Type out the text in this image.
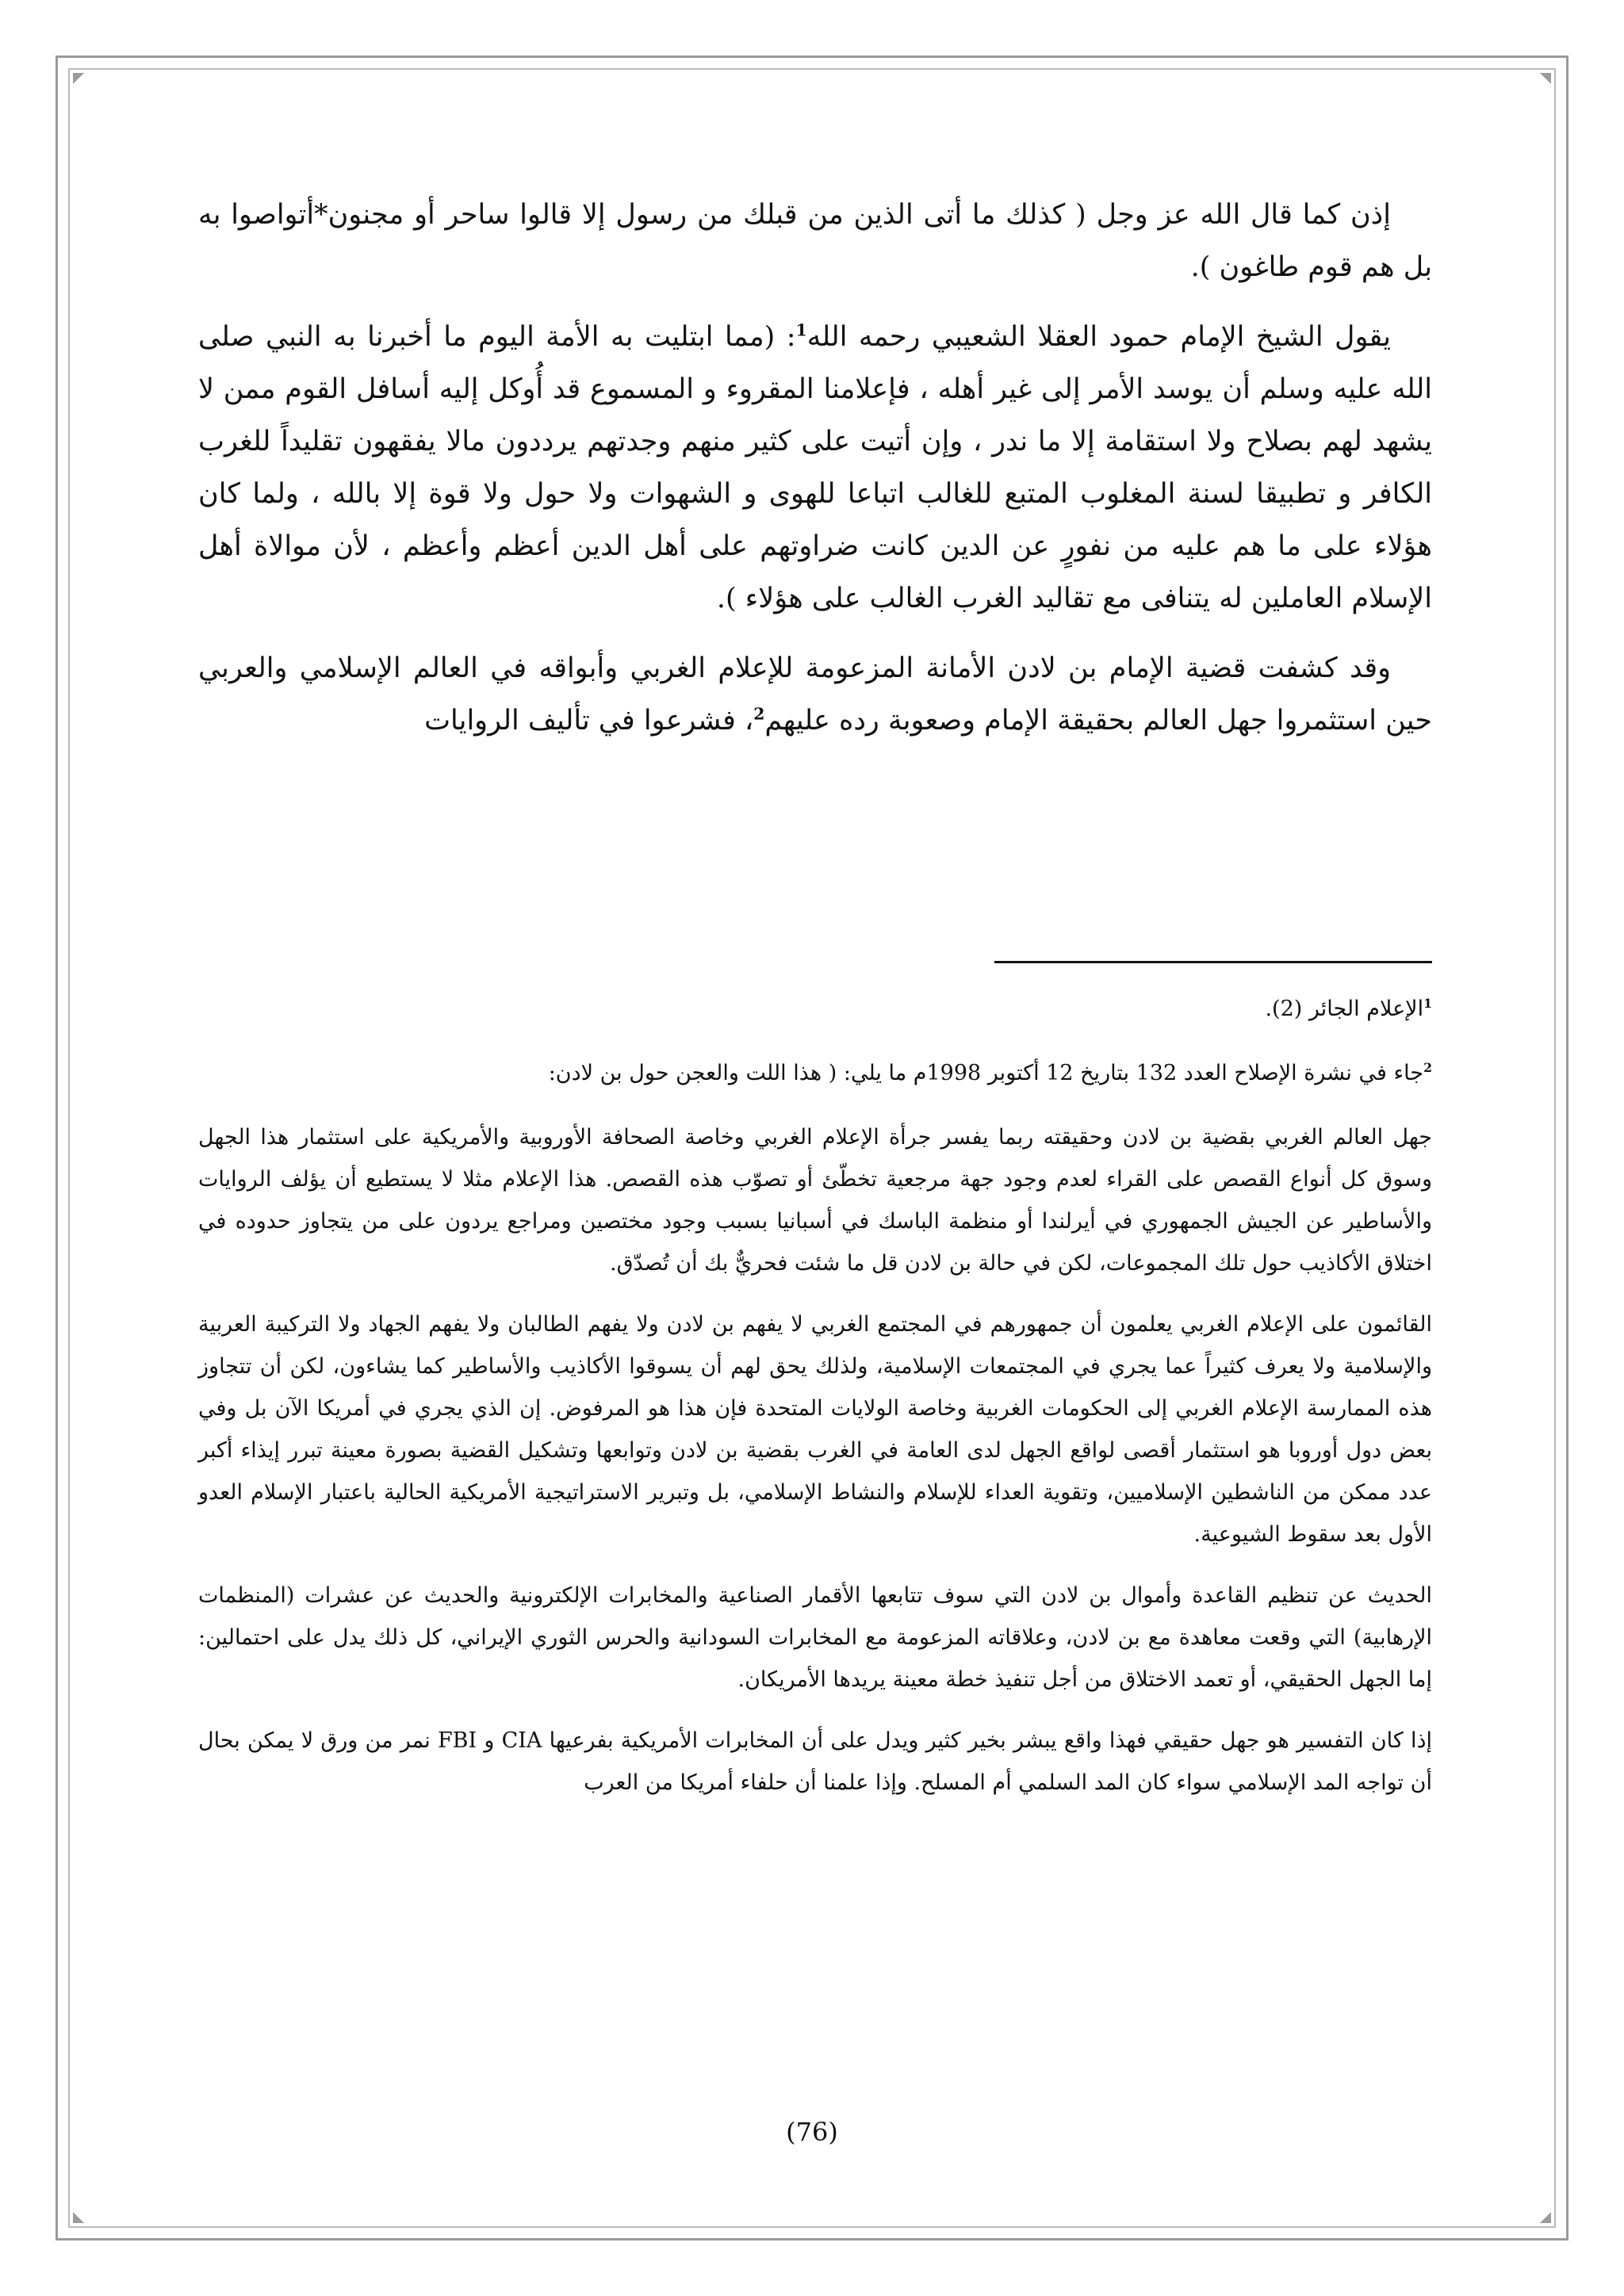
إذن كما قال الله عز وجل ( كذلك ما أتى الذين من قبلك من رسول إلا قالوا ساحر أو مجنون*أتواصوا به بل هم قوم طاغون ).

يقول الشيخ الإمام حمود العقلا الشعيبي رحمه الله$^1$: (مما ابتليت به الأمة اليوم ما أخبرنا به النبي صلى الله عليه وسلم أن يوسد الأمر إلى غير أهله ، فإعلامنا المقروء و المسموع قد أُوكل إليه أسافل القوم ممن لا يشهد لهم بصلاح ولا استقامة إلا ما ندر ، وإن أتيت على كثير منهم وجدتهم يرددون مالا يفقهون تقليداً للغرب الكافر و تطبيقا لسنة المغلوب المتبع للغالب اتباعا للهوى و الشهوات ولا حول ولا قوة إلا بالله ، ولما كان هؤلاء على ما هم عليه من نفورٍ عن الدين كانت ضراوتهم على أهل الدين أعظم وأعظم ، لأن موالاة أهل الإسلام العاملين له يتنافى مع تقاليد الغرب الغالب على هؤلاء ).

وقد كشفت قضية الإمام بن لادن الأمانة المزعومة للإعلام الغربي وأبواقه في العالم الإسلامي والعربي حين استثمروا جهل العالم بحقيقة الإمام وصعوبة رده عليهم$^2$، فشرعوا في تأليف الروايات

$^1$الإعلام الجائر (2).

$^2$جاء في نشرة الإصلاح العدد 132 بتاريخ 12 أكتوبر 1998م ما يلي: ( هذا اللت والعجن حول بن لادن:

جهل العالم الغربي بقضية بن لادن وحقيقته ربما يفسر جرأة الإعلام الغربي وخاصة الصحافة الأوروبية والأمريكية على استثمار هذا الجهل وسوق كل أنواع القصص على القراء لعدم وجود جهة مرجعية تخطّئ أو تصوّب هذه القصص. هذا الإعلام مثلا لا يستطيع أن يؤلف الروايات والأساطير عن الجيش الجمهوري في أيرلندا أو منظمة الباسك في أسبانيا بسبب وجود مختصين ومراجع يردون على من يتجاوز حدوده في اختلاق الأكاذيب حول تلك المجموعات، لكن في حالة بن لادن قل ما شئت فحريٌّ بك أن تُصدّق.

القائمون على الإعلام الغربي يعلمون أن جمهورهم في المجتمع الغربي لا يفهم بن لادن ولا يفهم الطالبان ولا يفهم الجهاد ولا التركيبة العربية والإسلامية ولا يعرف كثيراً عما يجري في المجتمعات الإسلامية، ولذلك يحق لهم أن يسوقوا الأكاذيب والأساطير كما يشاءون، لكن أن تتجاوز هذه الممارسة الإعلام الغربي إلى الحكومات الغربية وخاصة الولايات المتحدة فإن هذا هو المرفوض. إن الذي يجري في أمريكا الآن بل وفي بعض دول أوروبا هو استثمار أقصى لواقع الجهل لدى العامة في الغرب بقضية بن لادن وتوابعها وتشكيل القضية بصورة معينة تبرر إيذاء أكبر عدد ممكن من الناشطين الإسلاميين، وتقوية العداء للإسلام والنشاط الإسلامي، بل وتبرير الاستراتيجية الأمريكية الحالية باعتبار الإسلام العدو الأول بعد سقوط الشيوعية.

الحديث عن تنظيم القاعدة وأموال بن لادن التي سوف تتابعها الأقمار الصناعية والمخابرات الإلكترونية والحديث عن عشرات (المنظمات الإرهابية) التي وقعت معاهدة مع بن لادن، وعلاقاته المزعومة مع المخابرات السودانية والحرس الثوري الإيراني، كل ذلك يدل على احتمالين: إما الجهل الحقيقي، أو تعمد الاختلاق من أجل تنفيذ خطة معينة يريدها الأمريكان.

إذا كان التفسير هو جهل حقيقي فهذا واقع يبشر بخير كثير ويدل على أن المخابرات الأمريكية بفرعيها CIA و FBI نمر من ورق لا يمكن بحال أن تواجه المد الإسلامي سواء كان المد السلمي أم المسلح. وإذا علمنا أن حلفاء أمريكا من العرب

(76)
